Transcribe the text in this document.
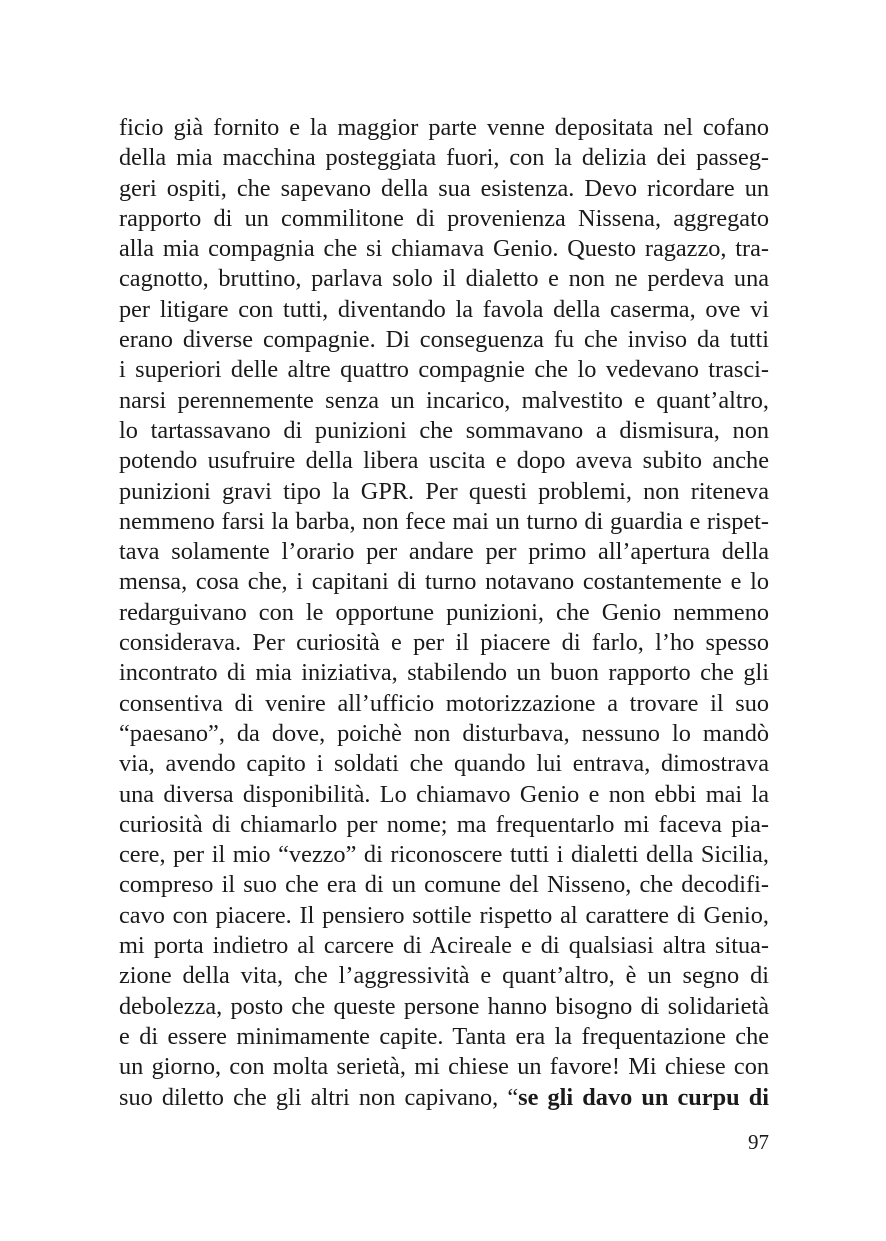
ficio già fornito e la maggior parte venne depositata nel cofano
della mia macchina posteggiata fuori, con la delizia dei passeg-
geri ospiti, che sapevano della sua esistenza. Devo ricordare un
rapporto di un commilitone di provenienza Nissena, aggregato
alla mia compagnia che si chiamava Genio. Questo ragazzo, tra-
cagnotto, bruttino, parlava solo il dialetto e non ne perdeva una
per litigare con tutti, diventando la favola della caserma, ove vi
erano diverse compagnie. Di conseguenza fu che inviso da tutti
i superiori delle altre quattro compagnie che lo vedevano trasci-
narsi perennemente senza un incarico, malvestito e quant’altro,
lo tartassavano di punizioni che sommavano a dismisura, non
potendo usufruire della libera uscita e dopo aveva subito anche
punizioni gravi tipo la GPR. Per questi problemi, non riteneva
nemmeno farsi la barba, non fece mai un turno di guardia e rispet-
tava solamente l’orario per andare per primo all’apertura della
mensa, cosa che, i capitani di turno notavano costantemente e lo
redarguivano con le opportune punizioni, che Genio nemmeno
considerava. Per curiosità e per il piacere di farlo, l’ho spesso
incontrato di mia iniziativa, stabilendo un buon rapporto che gli
consentiva di venire all’ufficio motorizzazione a trovare il suo
“paesano”, da dove, poichè non disturbava, nessuno lo mandò
via, avendo capito i soldati che quando lui entrava, dimostrava
una diversa disponibilità. Lo chiamavo Genio e non ebbi mai la
curiosità di chiamarlo per nome; ma frequentarlo mi faceva pia-
cere, per il mio “vezzo” di riconoscere tutti i dialetti della Sicilia,
compreso il suo che era di un comune del Nisseno, che decodifi-
cavo con piacere. Il pensiero sottile rispetto al carattere di Genio,
mi porta indietro al carcere di Acireale e di qualsiasi altra situa-
zione della vita, che l’aggressività e quant’altro, è un segno di
debolezza, posto che queste persone hanno bisogno di solidarietà
e di essere minimamente capite. Tanta era la frequentazione che
un giorno, con molta serietà, mi chiese un favore! Mi chiese con
suo diletto che gli altri non capivano, “se gli davo un curpu di
97
